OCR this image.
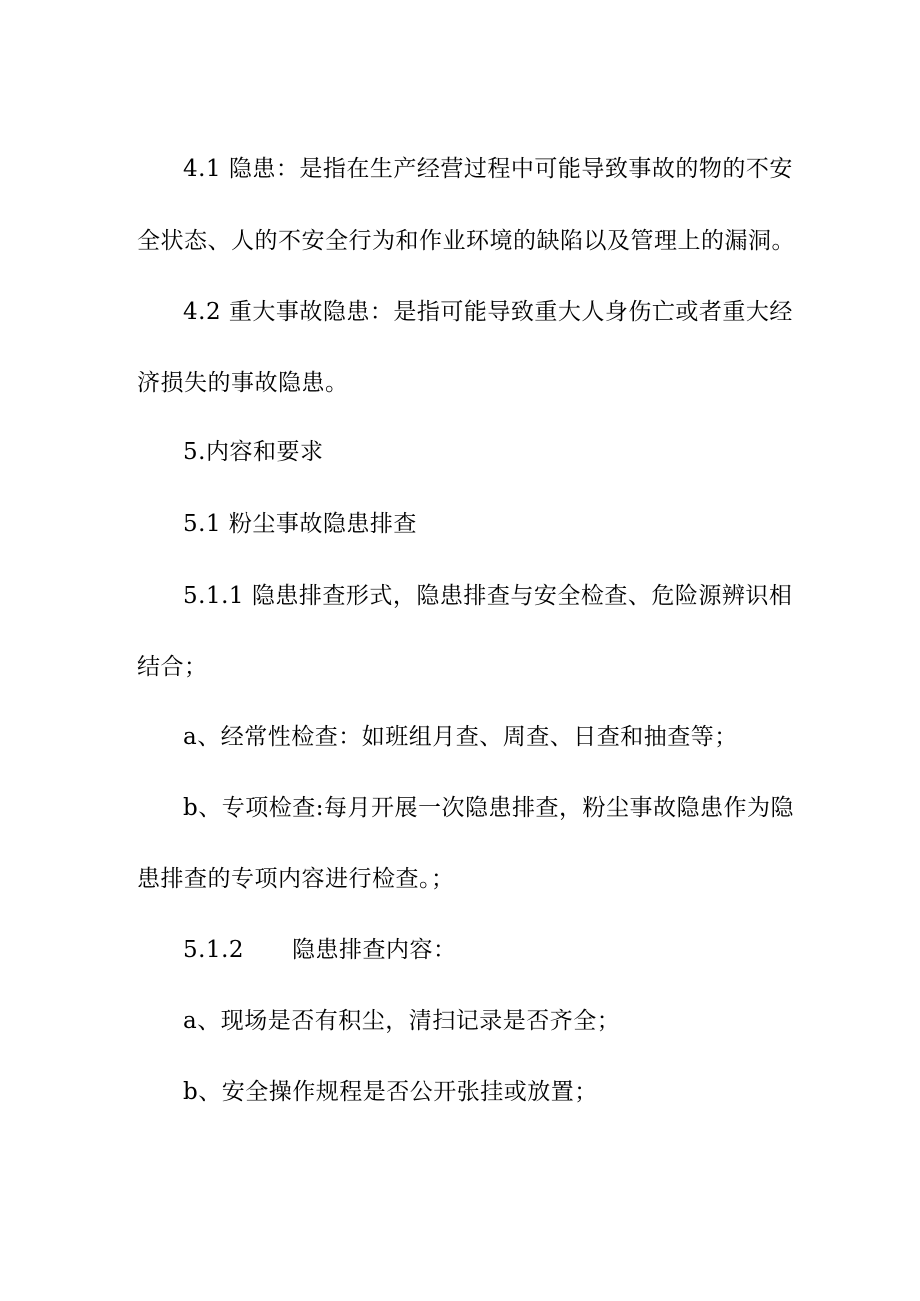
4.1 隐患：是指在生产经营过程中可能导致事故的物的不安
全状态、人的不安全行为和作业环境的缺陷以及管理上的漏洞。
4.2 重大事故隐患：是指可能导致重大人身伤亡或者重大经
济损失的事故隐患。
5.内容和要求
5.1 粉尘事故隐患排查
5.1.1 隐患排查形式，隐患排查与安全检查、危险源辨识相
结合；
a、经常性检查：如班组月查、周查、日查和抽查等；
b、专项检查:每月开展一次隐患排查，粉尘事故隐患作为隐
患排查的专项内容进行检查。；
5.1.2 隐患排查内容：
a、现场是否有积尘，清扫记录是否齐全；
b、安全操作规程是否公开张挂或放置；
